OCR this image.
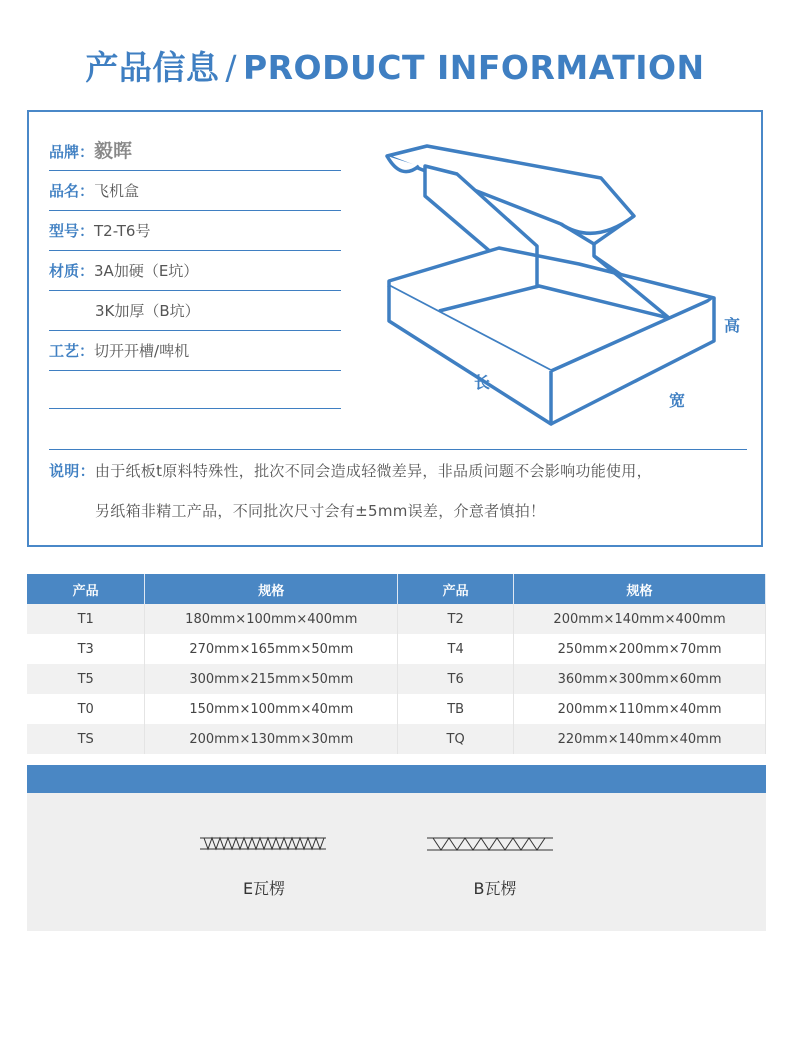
产品信息 / PRODUCT INFORMATION
品牌：毅晖
品名：飞机盒
型号：T2-T6号
材质：3A加硬（E坑）
3K加厚（B坑）
工艺：切开开槽/啤机
长
宽
高
说明：由于纸板t原料特殊性，批次不同会造成轻微差异，非品质问题不会影响功能使用，
另纸箱非精工产品，不同批次尺寸会有±5mm误差，介意者慎拍！
产品	规格	产品	规格
T1	180mm×100mm×400mm	T2	200mm×140mm×400mm
T3	270mm×165mm×50mm	T4	250mm×200mm×70mm
T5	300mm×215mm×50mm	T6	360mm×300mm×60mm
T0	150mm×100mm×40mm	TB	200mm×110mm×40mm
TS	200mm×130mm×30mm	TQ	220mm×140mm×40mm
E瓦楞	B瓦楞
